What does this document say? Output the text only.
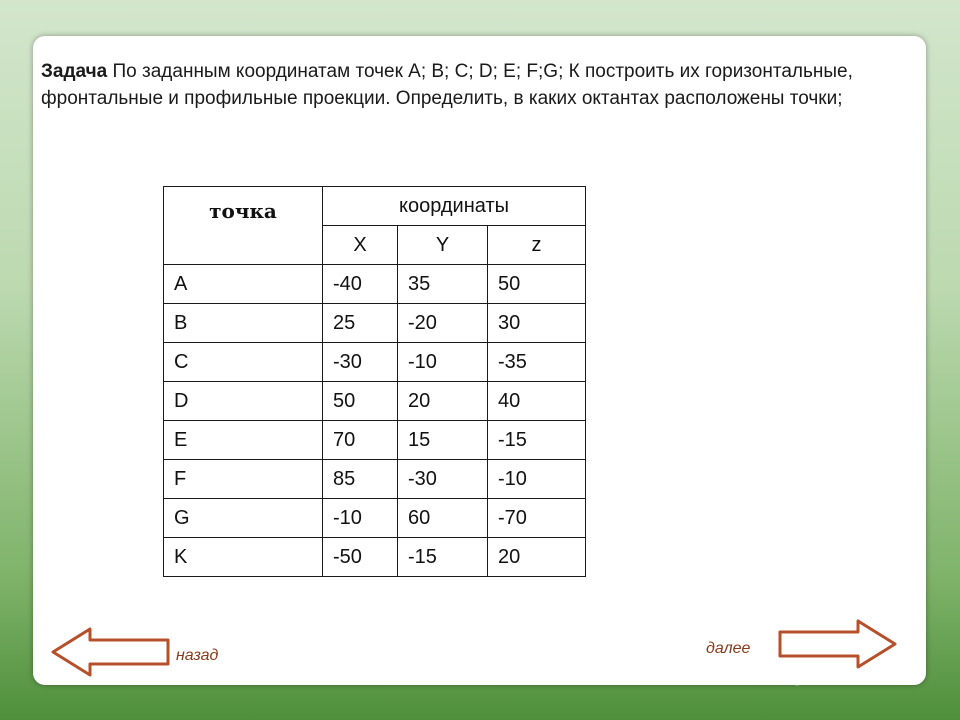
Задача По заданным координатам точек А; В; С; D; Е; F;G; К построить их горизонтальные, фронтальные и профильные проекции. Определить, в каких октантах расположены точки;
точка	координаты		
	X	Y	z
A	-40	35	50
B	25	-20	30
C	-30	-10	-35
D	50	20	40
E	70	15	-15
F	85	-30	-10
G	-10	60	-70
K	-50	-15	20
назад	далее
MyShared
